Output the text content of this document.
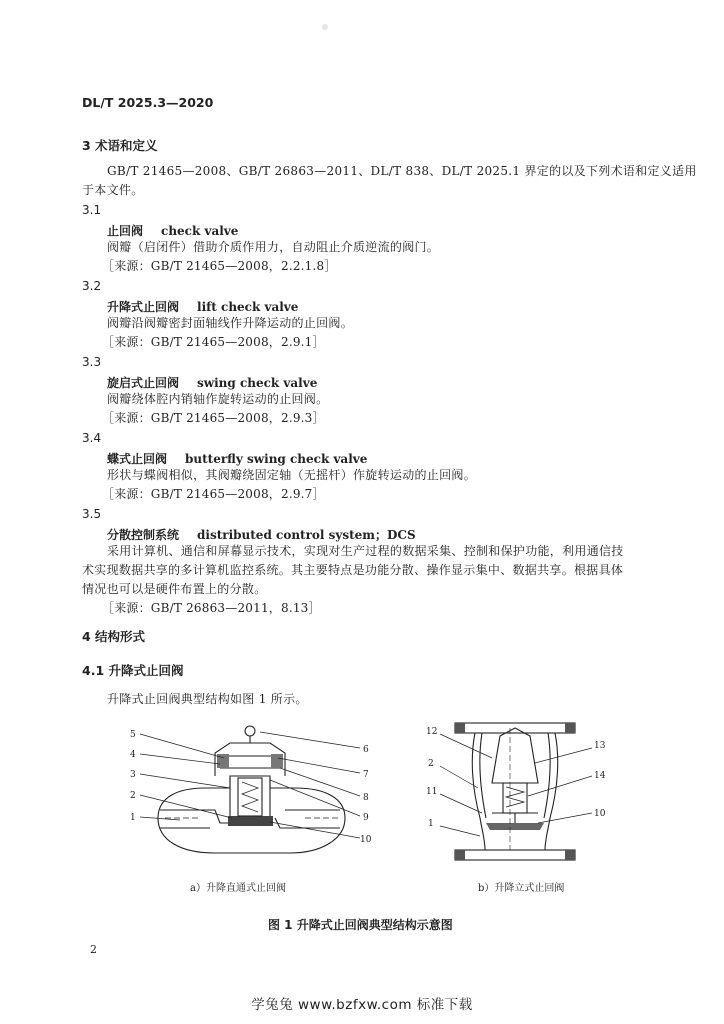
DL/T 2025.3—2020
3 术语和定义
GB/T 21465—2008、GB/T 26863—2011、DL/T 838、DL/T 2025.1 界定的以及下列术语和定义适用
于本文件。
3.1
止回阀 check valve
阀瓣（启闭件）借助介质作用力，自动阻止介质逆流的阀门。
［来源：GB/T 21465—2008，2.2.1.8］
3.2
升降式止回阀 lift check valve
阀瓣沿阀瓣密封面轴线作升降运动的止回阀。
［来源：GB/T 21465—2008，2.9.1］
3.3
旋启式止回阀 swing check valve
阀瓣绕体腔内销轴作旋转运动的止回阀。
［来源：GB/T 21465—2008，2.9.3］
3.4
蝶式止回阀 butterfly swing check valve
形状与蝶阀相似，其阀瓣绕固定轴（无摇杆）作旋转运动的止回阀。
［来源：GB/T 21465—2008，2.9.7］
3.5
分散控制系统 distributed control system；DCS
采用计算机、通信和屏幕显示技术，实现对生产过程的数据采集、控制和保护功能，利用通信技
术实现数据共享的多计算机监控系统。其主要特点是功能分散、操作显示集中、数据共享。根据具体
情况也可以是硬件布置上的分散。
［来源：GB/T 26863—2011，8.13］
4 结构形式
4.1 升降式止回阀
升降式止回阀典型结构如图 1 所示。
5
4
3
2
1
6
7
8
9
10
12
2
11
1
13
14
10
a）升降直通式止回阀	b）升降立式止回阀
图 1 升降式止回阀典型结构示意图
2
学兔兔 www.bzfxw.com 标准下载
